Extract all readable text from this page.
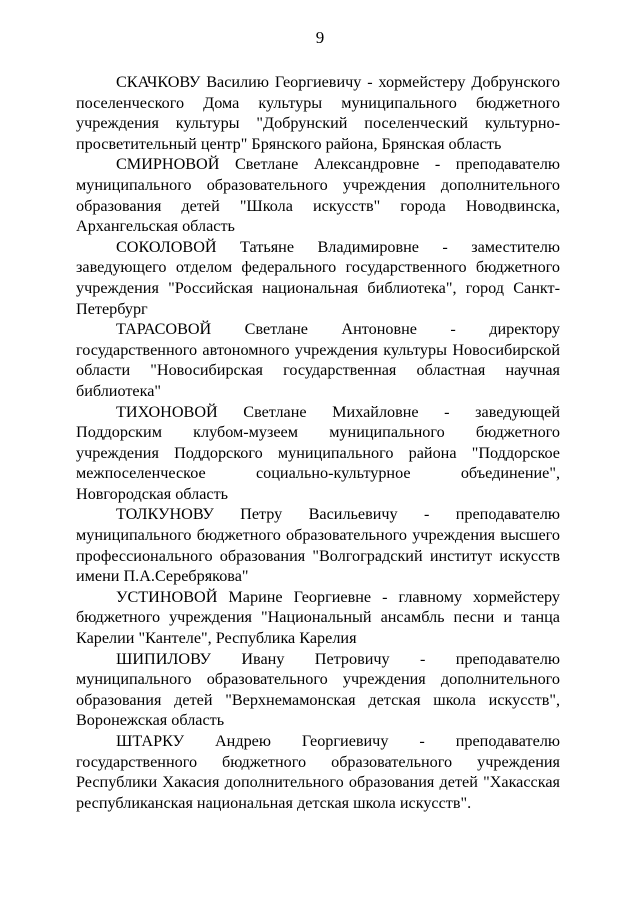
9

СКАЧКОВУ Василию Георгиевичу - хормейстеру Добрунского поселенческого Дома культуры муниципального бюджетного учреждения культуры "Добрунский поселенческий культурно-просветительный центр" Брянского района, Брянская область

СМИРНОВОЙ Светлане Александровне - преподавателю муниципального образовательного учреждения дополнительного образования детей "Школа искусств" города Новодвинска, Архангельская область

СОКОЛОВОЙ Татьяне Владимировне - заместителю заведующего отделом федерального государственного бюджетного учреждения "Российская национальная библиотека", город Санкт-Петербург

ТАРАСОВОЙ Светлане Антоновне - директору государственного автономного учреждения культуры Новосибирской области "Новосибирская государственная областная научная библиотека"

ТИХОНОВОЙ Светлане Михайловне - заведующей Поддорским клубом-музеем муниципального бюджетного учреждения Поддорского муниципального района "Поддорское межпоселенческое социально-культурное объединение", Новгородская область

ТОЛКУНОВУ Петру Васильевичу - преподавателю муниципального бюджетного образовательного учреждения высшего профессионального образования "Волгоградский институт искусств имени П.А.Серебрякова"

УСТИНОВОЙ Марине Георгиевне - главному хормейстеру бюджетного учреждения "Национальный ансамбль песни и танца Карелии "Кантеле", Республика Карелия

ШИПИЛОВУ Ивану Петровичу - преподавателю муниципального образовательного учреждения дополнительного образования детей "Верхнемамонская детская школа искусств", Воронежская область

ШТАРКУ Андрею Георгиевичу - преподавателю государственного бюджетного образовательного учреждения Республики Хакасия дополнительного образования детей "Хакасская республиканская национальная детская школа искусств".
